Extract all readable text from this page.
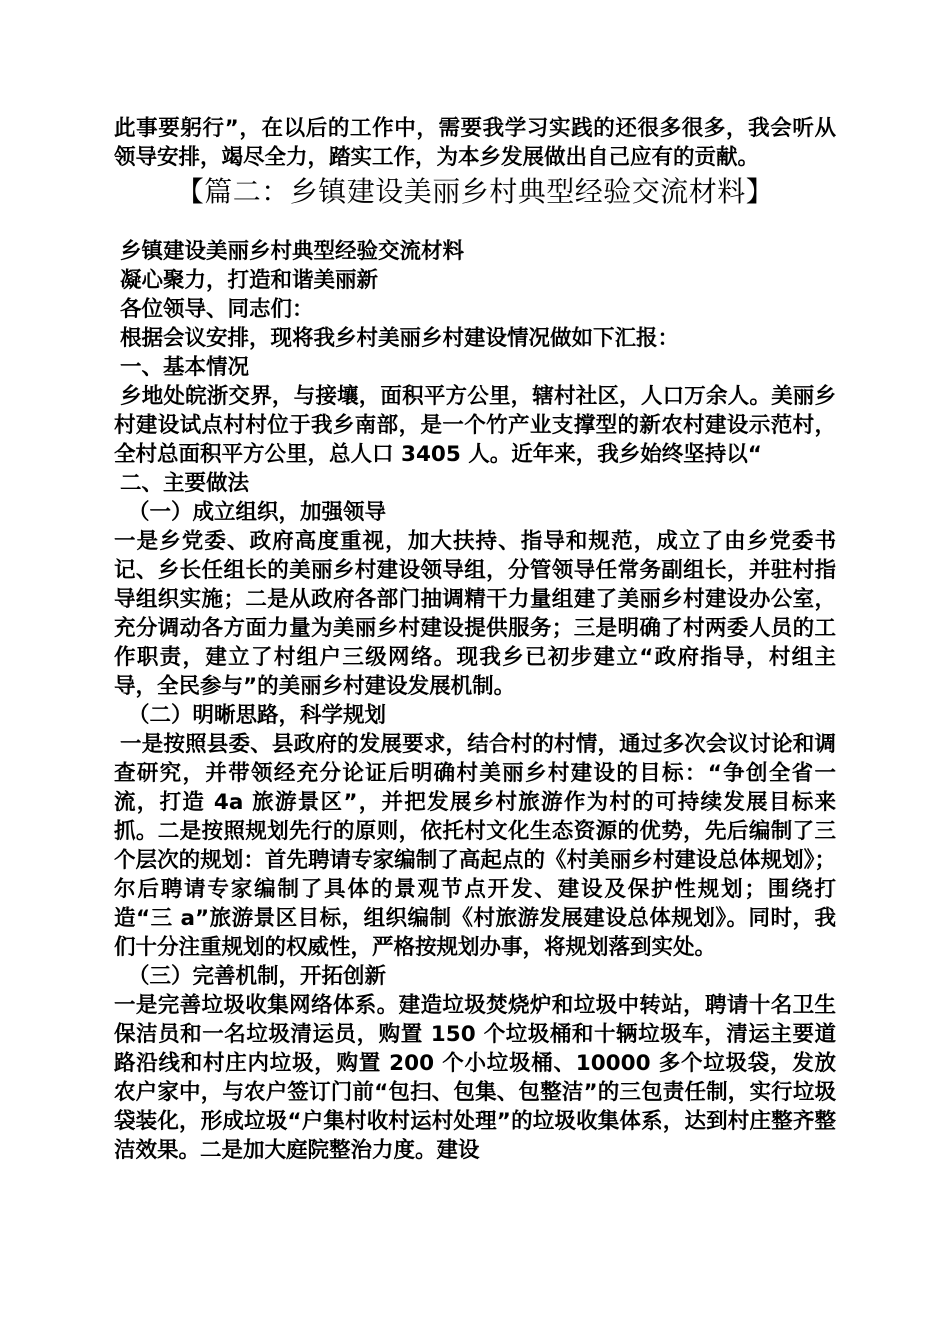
此事要躬行”，在以后的工作中，需要我学习实践的还很多很多，我会听从领导安排，竭尽全力，踏实工作，为本乡发展做出自己应有的贡献。

【篇二：乡镇建设美丽乡村典型经验交流材料】

乡镇建设美丽乡村典型经验交流材料

凝心聚力，打造和谐美丽新

各位领导、同志们：

根据会议安排，现将我乡村美丽乡村建设情况做如下汇报：

一、基本情况

乡地处皖浙交界，与接壤，面积平方公里，辖村社区，人口万余人。美丽乡村建设试点村村位于我乡南部，是一个竹产业支撑型的新农村建设示范村，全村总面积平方公里，总人口 3405 人。近年来，我乡始终坚持以“

二、主要做法

（一）成立组织，加强领导

一是乡党委、政府高度重视，加大扶持、指导和规范，成立了由乡党委书记、乡长任组长的美丽乡村建设领导组，分管领导任常务副组长，并驻村指导组织实施；二是从政府各部门抽调精干力量组建了美丽乡村建设办公室，充分调动各方面力量为美丽乡村建设提供服务；三是明确了村两委人员的工作职责，建立了村组户三级网络。现我乡已初步建立“政府指导，村组主导，全民参与”的美丽乡村建设发展机制。

（二）明晰思路，科学规划

一是按照县委、县政府的发展要求，结合村的村情，通过多次会议讨论和调查研究，并带领经充分论证后明确村美丽乡村建设的目标：“争创全省一流，打造 4a 旅游景区”，并把发展乡村旅游作为村的可持续发展目标来抓。二是按照规划先行的原则，依托村文化生态资源的优势，先后编制了三个层次的规划：首先聘请专家编制了高起点的《村美丽乡村建设总体规划》；尔后聘请专家编制了具体的景观节点开发、建设及保护性规划；围绕打造“三 a”旅游景区目标，组织编制《村旅游发展建设总体规划》。同时，我们十分注重规划的权威性，严格按规划办事，将规划落到实处。

（三）完善机制，开拓创新

一是完善垃圾收集网络体系。建造垃圾焚烧炉和垃圾中转站，聘请十名卫生保洁员和一名垃圾清运员，购置 150 个垃圾桶和十辆垃圾车，清运主要道路沿线和村庄内垃圾，购置 200 个小垃圾桶、10000 多个垃圾袋，发放农户家中，与农户签订门前“包扫、包集、包整洁”的三包责任制，实行垃圾袋装化，形成垃圾“户集村收村运村处理”的垃圾收集体系，达到村庄整齐整洁效果。二是加大庭院整治力度。建设
